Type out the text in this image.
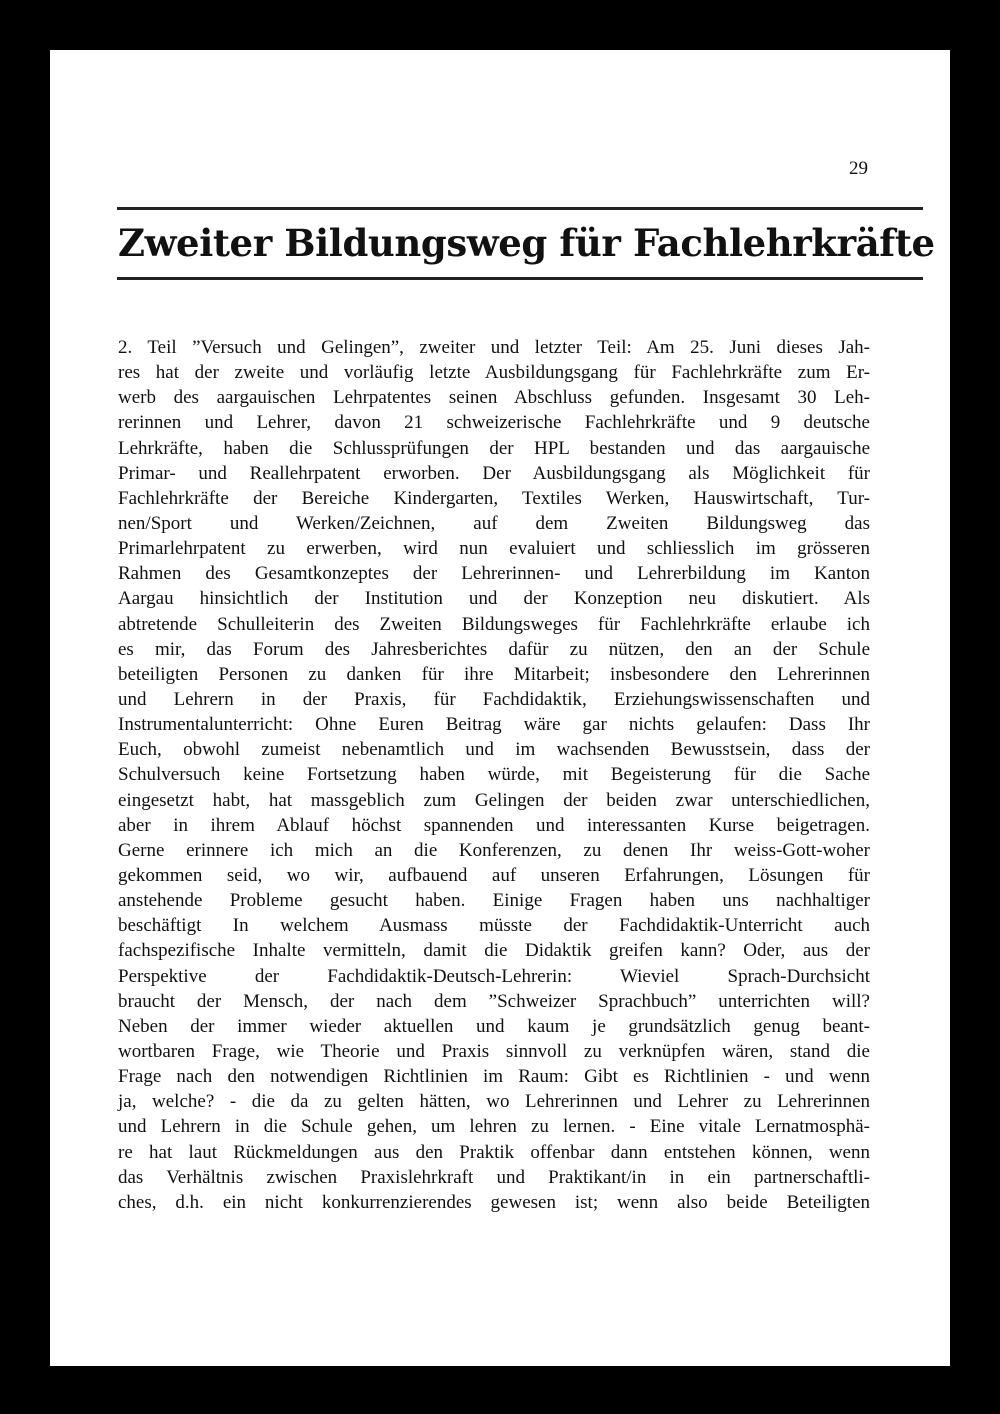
29
Zweiter Bildungsweg für Fachlehrkräfte
2. Teil ”Versuch und Gelingen”, zweiter und letzter Teil: Am 25. Juni dieses Jah-
res hat der zweite und vorläufig letzte Ausbildungsgang für Fachlehrkräfte zum Er-
werb des aargauischen Lehrpatentes seinen Abschluss gefunden. Insgesamt 30 Leh-
rerinnen und Lehrer, davon 21 schweizerische Fachlehrkräfte und 9 deutsche
Lehrkräfte, haben die Schlussprüfungen der HPL bestanden und das aargauische
Primar- und Reallehrpatent erworben. Der Ausbildungsgang als Möglichkeit für
Fachlehrkräfte der Bereiche Kindergarten, Textiles Werken, Hauswirtschaft, Tur-
nen/Sport und Werken/Zeichnen, auf dem Zweiten Bildungsweg das
Primarlehrpatent zu erwerben, wird nun evaluiert und schliesslich im grösseren
Rahmen des Gesamtkonzeptes der Lehrerinnen- und Lehrerbildung im Kanton
Aargau hinsichtlich der Institution und der Konzeption neu diskutiert. Als
abtretende Schulleiterin des Zweiten Bildungsweges für Fachlehrkräfte erlaube ich
es mir, das Forum des Jahresberichtes dafür zu nützen, den an der Schule
beteiligten Personen zu danken für ihre Mitarbeit; insbesondere den Lehrerinnen
und Lehrern in der Praxis, für Fachdidaktik, Erziehungswissenschaften und
Instrumentalunterricht: Ohne Euren Beitrag wäre gar nichts gelaufen: Dass Ihr
Euch, obwohl zumeist nebenamtlich und im wachsenden Bewusstsein, dass der
Schulversuch keine Fortsetzung haben würde, mit Begeisterung für die Sache
eingesetzt habt, hat massgeblich zum Gelingen der beiden zwar unterschiedlichen,
aber in ihrem Ablauf höchst spannenden und interessanten Kurse beigetragen.
Gerne erinnere ich mich an die Konferenzen, zu denen Ihr weiss-Gott-woher
gekommen seid, wo wir, aufbauend auf unseren Erfahrungen, Lösungen für
anstehende Probleme gesucht haben. Einige Fragen haben uns nachhaltiger
beschäftigt In welchem Ausmass müsste der Fachdidaktik-Unterricht auch
fachspezifische Inhalte vermitteln, damit die Didaktik greifen kann? Oder, aus der
Perspektive der Fachdidaktik-Deutsch-Lehrerin: Wieviel Sprach-Durchsicht
braucht der Mensch, der nach dem ”Schweizer Sprachbuch” unterrichten will?
Neben der immer wieder aktuellen und kaum je grundsätzlich genug beant-
wortbaren Frage, wie Theorie und Praxis sinnvoll zu verknüpfen wären, stand die
Frage nach den notwendigen Richtlinien im Raum: Gibt es Richtlinien - und wenn
ja, welche? - die da zu gelten hätten, wo Lehrerinnen und Lehrer zu Lehrerinnen
und Lehrern in die Schule gehen, um lehren zu lernen. - Eine vitale Lernatmosphä-
re hat laut Rückmeldungen aus den Praktik offenbar dann entstehen können, wenn
das Verhältnis zwischen Praxislehrkraft und Praktikant/in in ein partnerschaftli-
ches, d.h. ein nicht konkurrenzierendes gewesen ist; wenn also beide Beteiligten
